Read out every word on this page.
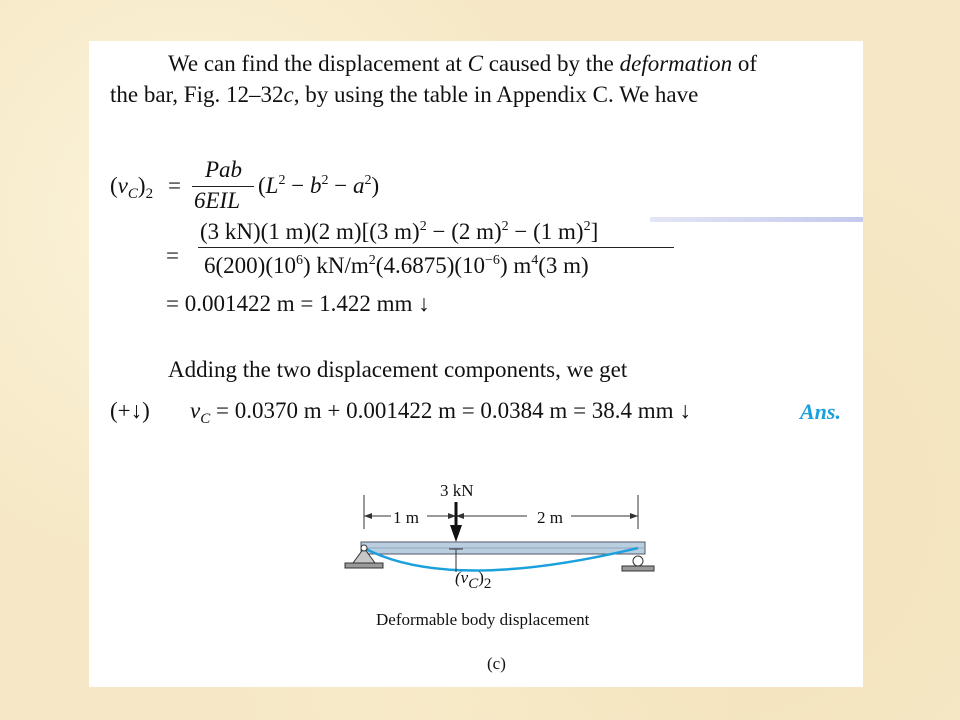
We can find the displacement at C caused by the deformation of
the bar, Fig. 12–32c, by using the table in Appendix C. We have
$(v_C)_2$ =
Pab
6EIL
$(L^2 - b^2 - a^2)$
=
(3 kN)(1 m)(2 m)[(3 m)$^2$ − (2 m)$^2$ − (1 m)$^2$]
$6(200)(10^6)$ $kN/m^2(4.6875)(10^{-6})$ $m^4(3$ m)
= 0.001422 m = 1.422 mm ↓
Adding the two displacement components, we get
(+↓) $v_C = 0.0370$ m + 0.001422 m = 0.0384 m = 38.4 mm ↓	Ans.
3 kN
1 m	2 m
$(v_C)_2$
Deformable body displacement
(c)
